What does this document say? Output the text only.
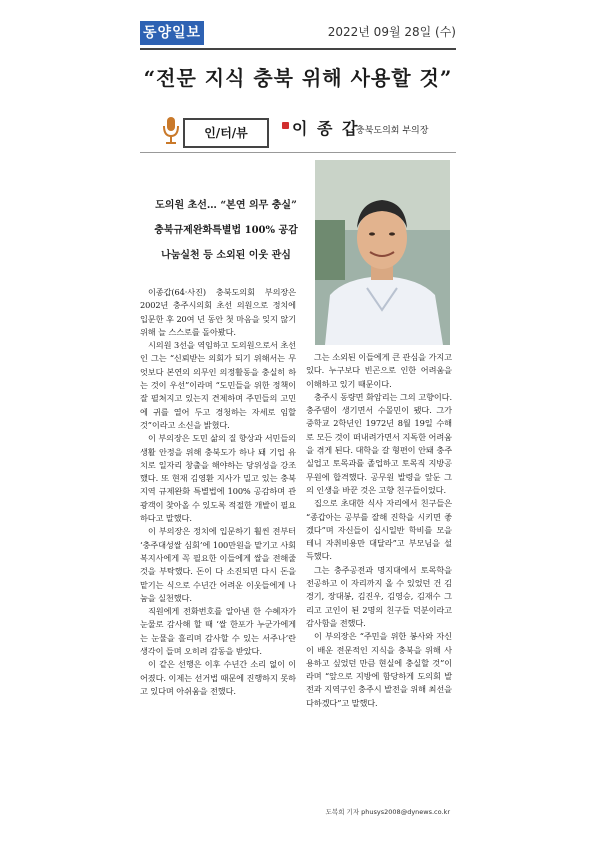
동양일보	2022년 09월 28일 (수)
“전문 지식 충북 위해 사용할 것”
인/터/뷰	이 종 갑
충북도의회 부의장
도의원 초선… “본연 의무 충실”
충북규제완화특별법 100% 공감
나눔실천 등 소외된 이웃 관심

이종갑(64·사진) 충북도의회 부의장은 2002년 충주시의회 초선 의원으로 정치에 입문한 후 20여 년 동안 첫 마음을 잊지 않기 위해 늘 스스로를 돌아봤다.

시의원 3선을 역임하고 도의원으로서 초선인 그는 “신뢰받는 의회가 되기 위해서는 무엇보다 본연의 의무인 의정활동을 충실히 하는 것이 우선”이라며 “도민들을 위한 정책이 잘 펼쳐지고 있는지 견제하며 주민들의 고민에 귀를 열어 두고 경청하는 자세로 임할 것”이라고 소신을 밝혔다.

이 부의장은 도민 삶의 질 향상과 서민들의 생활 안정을 위해 충북도가 하나 돼 기업 유치로 일자리 창출을 해야하는 당위성을 강조했다. 또 현재 김영환 지사가 밀고 있는 충북지역 규제완화 특별법에 100% 공감하며 관광객이 찾아올 수 있도록 적절한 개발이 필요하다고 말했다.

이 부의장은 정치에 입문하기 훨씬 전부터 ‘충주대성쌀 심회’에 100만원을 맡기고 사회복지사에게 꼭 필요한 이들에게 쌀을 전해줄 것을 부탁했다. 돈이 다 소진되면 다시 돈을 맡기는 식으로 수년간 어려운 이웃들에게 나눔을 실천했다.

직원에게 전화번호를 알아낸 한 수혜자가 눈물로 감사해 할 때 ‘쌀 한포가 누군가에게는 눈물을 흘리며 감사할 수 있는 서주나’란 생각이 들며 오히려 감동을 받았다.

이 같은 선행은 이후 수년간 소리 없이 이어졌다. 이제는 선거법 때문에 진행하지 못하고 있다며 아쉬움을 전했다.

그는 소외된 이들에게 큰 관심을 가지고 있다. 누구보다 빈곤으로 인한 어려움을 이해하고 있기 때문이다.

충주시 동량면 화암리는 그의 고향이다. 충주댐이 생기면서 수몰민이 됐다. 그가 중학교 2학년인 1972년 8월 19일 수해로 모든 것이 떠내려가면서 지독한 어려움을 겪게 된다. 대학을 갈 형편이 안돼 충주 실업고 토목과를 졸업하고 토목직 지방공무원에 합격했다. 공무원 발령을 앞둔 그의 인생을 바꾼 것은 고향 친구들이었다.

집으로 초대한 식사 자리에서 친구들은 “종갑아는 공부를 잘해 진학을 시키면 좋겠다”며 자신들이 십시일반 학비를 모을테니 자취비용만 대달라”고 부모님을 설득했다.

그는 충주공전과 명지대에서 토목학을 전공하고 이 자리까지 올 수 있었던 건 김경기, 장대봉, 김진우, 김영승, 김재수 그리고 고인이 된 2명의 친구들 덕분이라고 감사함을 전했다.

이 부의장은 “주민을 위한 봉사와 자신이 배운 전문적인 지식을 충북을 위해 사용하고 싶었던 만큼 현실에 충실할 것”이라며 “앞으로 지방에 함당하게 도의회 발전과 지역구인 충주시 발전을 위해 최선을 다하겠다”고 말했다.

도복희 기자 phusys2008@dynews.co.kr
